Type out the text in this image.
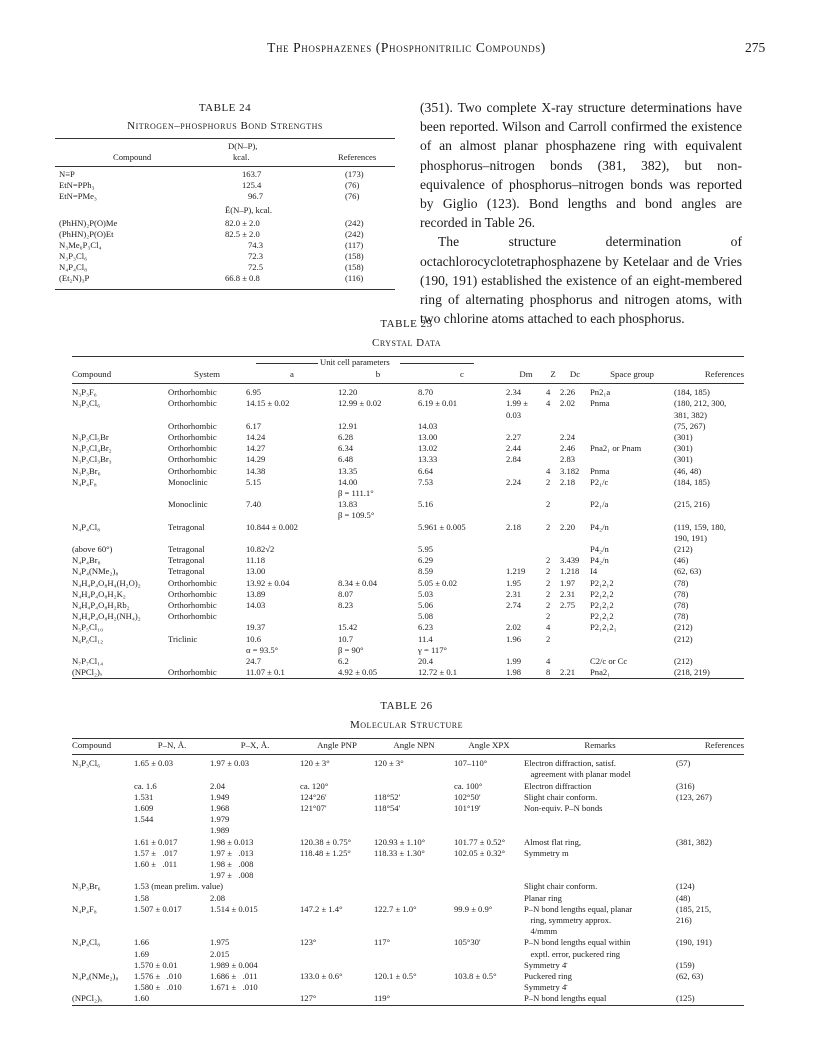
The Phosphazenes (Phosphonitrilic Compounds)	275
TABLE 24
Nitrogen–phosphorus Bond Strengths
Compound
D(N–P),
kcal.	References
N≡P	163.7	(173)
EtN=PPh₃	125.4	(76)
EtN=PMe₃	96.7	(76)
Ē(N–P), kcal.
(PhHN)₂P(O)Me	82.0 ± 2.0	(242)
(PhHN)₂P(O)Et	82.5 ± 2.0	(242)
N₃Me₆P₃Cl₄	74.3	(117)
N₃P₃Cl₆	72.3	(158)
N₄P₄Cl₈	72.5	(158)
(Et₂N)₃P	66.8 ± 0.8	(116)

(351). Two complete X-ray structure determinations have been reported. Wilson and Carroll confirmed the existence of an almost planar phosphazene ring with equivalent phosphorus–nitrogen bonds (381, 382), but non-equivalence of phosphorus–nitrogen bonds was reported by Giglio (123). Bond lengths and bond angles are recorded in Table 26.

The structure determination of octachlorocyclotetraphosphazene by Ketelaar and de Vries (190, 191) established the existence of an eight-membered ring of alternating phosphorus and nitrogen atoms, with two chlorine atoms attached to each phosphorus.

TABLE 25
Crystal Data
Unit cell parameters
Compound	System	a	b	c	Dm	Z	Dc	Space group	References
N₃P₃F₆	Orthorhombic	6.95	12.20	8.70	2.34	4	2.26	Pn2₁a	(184, 185)
N₃P₃Cl₆	Orthorhombic	14.15 ± 0.02	12.99 ± 0.02	6.19 ± 0.01	1.99 ±	4	2.02	Pnma	(180, 212, 300,
					0.03				381, 382)
	Orthorhombic	6.17	12.91	14.03					(75, 267)
N₃P₃Cl₅Br	Orthorhombic	14.24	6.28	13.00	2.27		2.24		(301)
N₃P₃Cl₄Br₂	Orthorhombic	14.27	6.34	13.02	2.44		2.46	Pna2₁ or Pnam	(301)
N₃P₃Cl₃Br₃	Orthorhombic	14.29	6.48	13.33	2.84		2.83		(301)
N₃P₃Br₆	Orthorhombic	14.38	13.35	6.64		4	3.182	Pnma	(46, 48)
N₄P₄F₈	Monoclinic	5.15	14.00	7.53	2.24	2	2.18	P2₁/c	(184, 185)
			β = 111.1°						
	Monoclinic	7.40	13.83	5.16		2		P2₁/a	(215, 216)
			β = 109.5°						
N₄P₄Cl₈	Tetragonal	10.844 ± 0.002		5.961 ± 0.005	2.18	2	2.20	P4₂/n	(119, 159, 180,
									190, 191)
(above 60°)	Tetragonal	10.82√2		5.95				P4₂/n	(212)
N₄P₄Br₈	Tetragonal	11.18		6.29		2	3.439	P4₂/n	(46)
N₄P₄(NMe₂)₈	Tetragonal	13.00		8.59	1.219	2	1.218	I4	(62, 63)
N₄H₄P₄O₈H₄(H₂O)₂	Orthorhombic	13.92 ± 0.04	8.34 ± 0.04	5.05 ± 0.02	1.95	2	1.97	P2₁2₁2	(78)
N₄H₄P₄O₈H₂K₂	Orthorhombic	13.89	8.07	5.03	2.31	2	2.31	P2₁2₁2	(78)
N₄H₄P₄O₈H₂Rb₂	Orthorhombic	14.03	8.23	5.06	2.74	2	2.75	P2₁2₁2	(78)
N₄H₄P₄O₈H₂(NH₄)₂	Orthorhombic			5.08		2		P2₁2₁2	(78)
N₅P₅Cl₁₀		19.37	15.42	6.23	2.02	4		P2₁2₁2₁	(212)
N₆P₆Cl₁₂	Triclinic	10.6	10.7	11.4	1.96	2			(212)
		α = 93.5°	β = 90°	γ = 117°					
N₇P₇Cl₁₄		24.7	6.2	20.4	1.99	4		C2/c or Cc	(212)
(NPCl₂)ₓ	Orthorhombic	11.07 ± 0.1	4.92 ± 0.05	12.72 ± 0.1	1.98	8	2.21	Pna2₁	(218, 219)

TABLE 26
Molecular Structure
Compound	P–N, Å.	P–X, Å.	Angle PNP	Angle NPN	Angle XPX	Remarks	References
N₃P₃Cl₆	1.65 ± 0.03	1.97 ± 0.03	120 ± 3°	120 ± 3°	107–110°	Electron diffraction, satisf.	(57)
						agreement with planar model	
	ca. 1.6	2.04	ca. 120°		ca. 100°	Electron diffraction	(316)
	1.531	1.949	124°26′	118°52′	102°50′	Slight chair conform.	(123, 267)
	1.609	1.968	121°07′	118°54′	101°19′	Non-equiv. P–N bonds	
	1.544	1.979					
		1.989					
	1.61 ± 0.017	1.98 ± 0.013	120.38 ± 0.75°	120.93 ± 1.10°	101.77 ± 0.52°	Almost flat ring,	(381, 382)
	1.57 ±   .017	1.97 ±   .013	118.48 ± 1.25°	118.33 ± 1.30°	102.05 ± 0.32°	Symmetry m	
	1.60 ±   .011	1.98 ±   .008					
		1.97 ±   .008					
N₃P₃Br₆	1.53 (mean prelim. value)					Slight chair conform.	(124)
	1.58	2.08				Planar ring	(48)
N₄P₄F₈	1.507 ± 0.017	1.514 ± 0.015	147.2 ± 1.4°	122.7 ± 1.0°	99.9 ± 0.9°	P–N bond lengths equal, planar	(185, 215,
						ring, symmetry approx.	216)
						4/mmm	
N₄P₄Cl₈	1.66	1.975	123°	117°	105°30′	P–N bond lengths equal within	(190, 191)
	1.69	2.015				exptl. error, puckered ring	
	1.570 ± 0.01	1.989 ± 0.004				Symmetry 4̄	(159)
N₄P₄(NMe₂)₈	1.576 ±   .010	1.686 ±   .011	133.0 ± 0.6°	120.1 ± 0.5°	103.8 ± 0.5°	Puckered ring	(62, 63)
	1.580 ±   .010	1.671 ±   .010				Symmetry 4̄	
(NPCl₂)ₓ	1.60		127°	119°		P–N bond lengths equal	(125)
